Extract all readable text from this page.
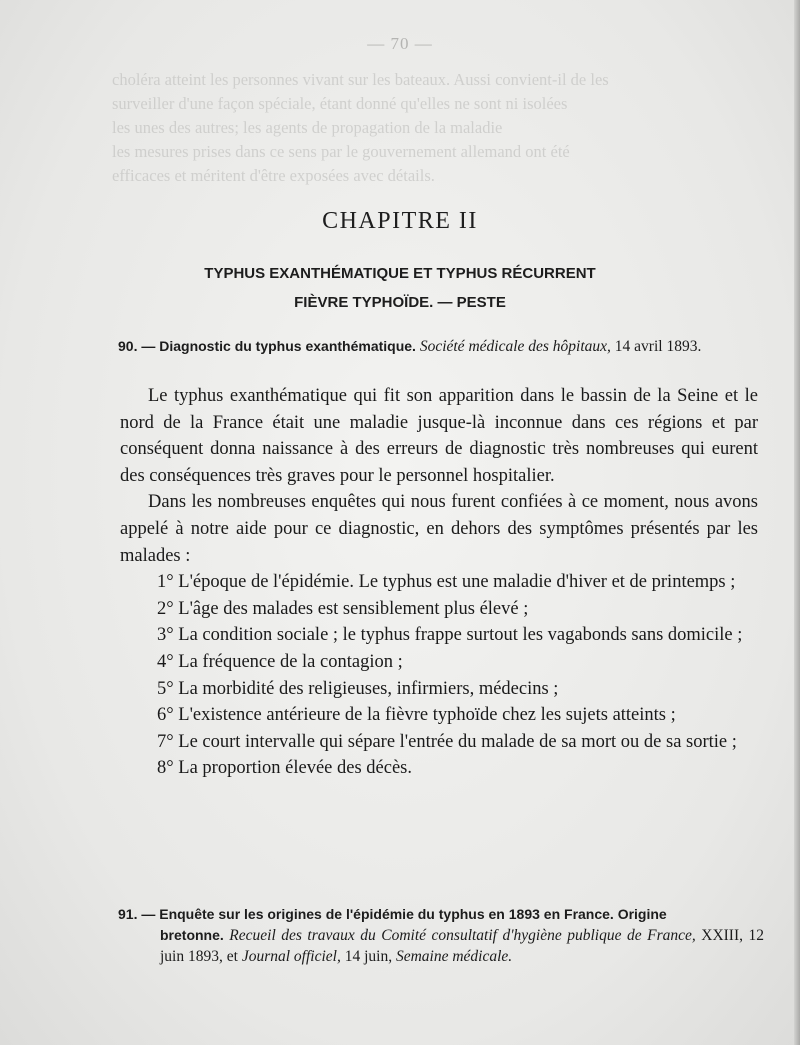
— 70 —
choléra atteint les personnes vivant sur les bateaux. Aussi convient-il de les
surveiller d'une façon spéciale, étant donné qu'elles ne sont ni isolées
les unes des autres; les agents de propagation de la maladie
les mesures prises dans ce sens par le gouvernement allemand ont été
efficaces et méritent d'être exposées avec détails.
CHAPITRE II
TYPHUS EXANTHÉMATIQUE ET TYPHUS RÉCURRENT
FIÈVRE TYPHOÏDE. — PESTE
90. — Diagnostic du typhus exanthématique. Société médicale des hôpitaux, 14 avril 1893.

Le typhus exanthématique qui fit son apparition dans le bassin de la Seine et le nord de la France était une maladie jusque-là inconnue dans ces régions et par conséquent donna naissance à des erreurs de diagnostic très nombreuses qui eurent des conséquences très graves pour le personnel hospitalier.

Dans les nombreuses enquêtes qui nous furent confiées à ce moment, nous avons appelé à notre aide pour ce diagnostic, en dehors des symptômes présentés par les malades :

1° L'époque de l'épidémie. Le typhus est une maladie d'hiver et de printemps ;

2° L'âge des malades est sensiblement plus élevé ;

3° La condition sociale ; le typhus frappe surtout les vagabonds sans domicile ;

4° La fréquence de la contagion ;

5° La morbidité des religieuses, infirmiers, médecins ;

6° L'existence antérieure de la fièvre typhoïde chez les sujets atteints ;

7° Le court intervalle qui sépare l'entrée du malade de sa mort ou de sa sortie ;

8° La proportion élevée des décès.

91. — Enquête sur les origines de l'épidémie du typhus en 1893 en France. Origine
bretonne. Recueil des travaux du Comité consultatif d'hygiène publique de France, XXIII, 12 juin 1893, et Journal officiel, 14 juin, Semaine médicale.
